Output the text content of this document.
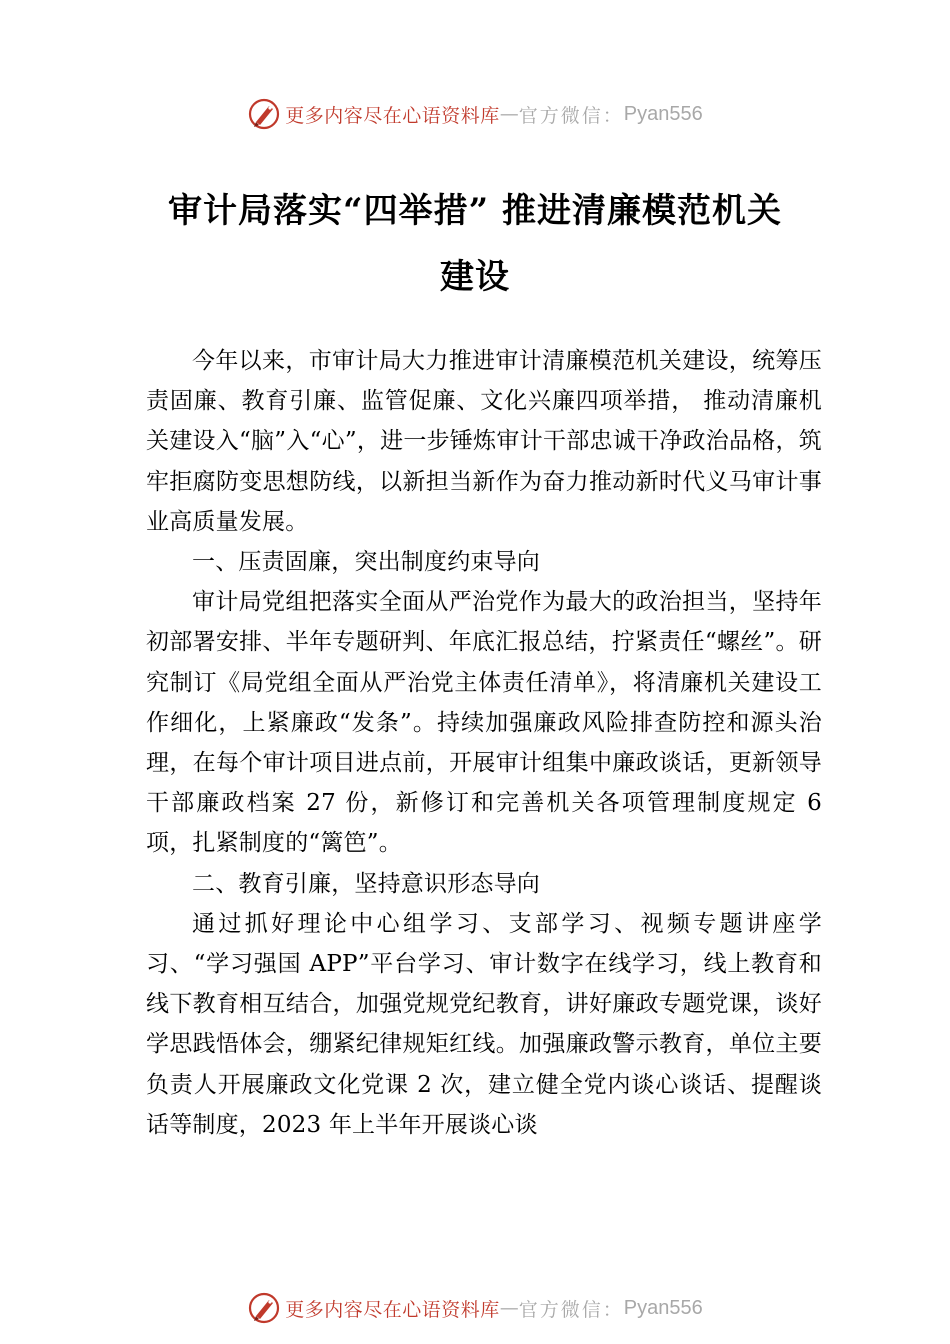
更多内容尽在心语资料库 — 官方微信： Pyan556
审计局落实“四举措” 推进清廉模范机关
建设

今年以来，市审计局大力推进审计清廉模范机关建设，统筹压责固廉、教育引廉、监管促廉、文化兴廉四项举措， 推动清廉机关建设入“脑”入“心”，进一步锤炼审计干部忠诚干净政治品格，筑牢拒腐防变思想防线，以新担当新作为奋力推动新时代义马审计事业高质量发展。

一、压责固廉，突出制度约束导向

审计局党组把落实全面从严治党作为最大的政治担当，坚持年初部署安排、半年专题研判、年底汇报总结，拧紧责任“螺丝”。研究制订《局党组全面从严治党主体责任清单》，将清廉机关建设工作细化，上紧廉政“发条”。持续加强廉政风险排查防控和源头治理，在每个审计项目进点前，开展审计组集中廉政谈话，更新领导干部廉政档案 27 份，新修订和完善机关各项管理制度规定 6 项，扎紧制度的“篱笆”。

二、教育引廉，坚持意识形态导向

通过抓好理论中心组学习、支部学习、视频专题讲座学习、“学习强国 APP”平台学习、审计数字在线学习，线上教育和线下教育相互结合，加强党规党纪教育，讲好廉政专题党课，谈好学思践悟体会，绷紧纪律规矩红线。加强廉政警示教育，单位主要负责人开展廉政文化党课 2 次，建立健全党内谈心谈话、提醒谈话等制度，2023 年上半年开展谈心谈

更多内容尽在心语资料库 — 官方微信： Pyan556
